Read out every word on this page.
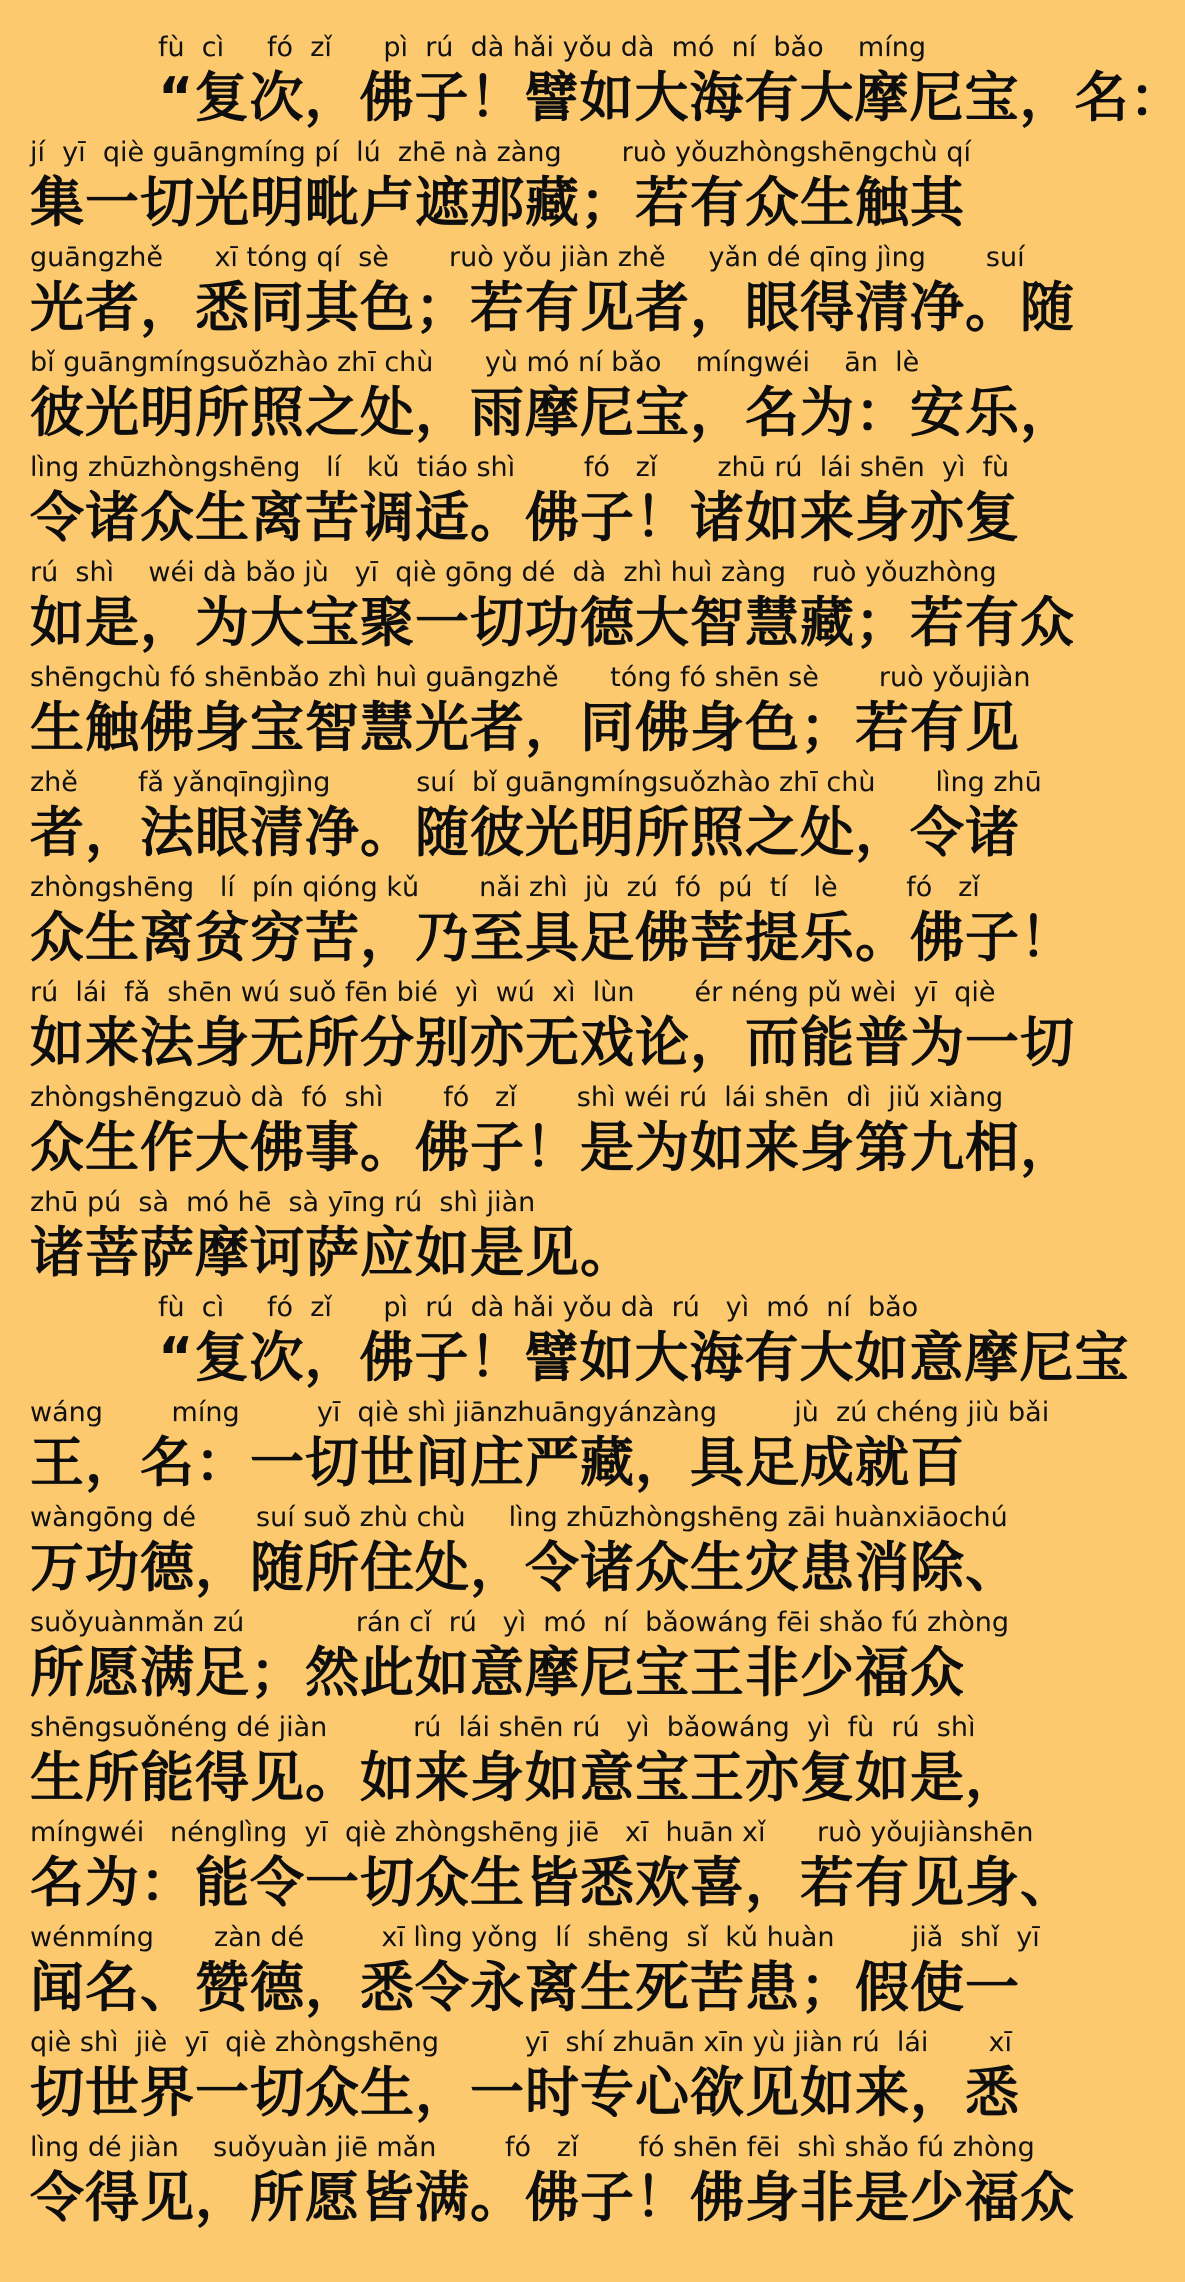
fù  cì     fó  zǐ      pì  rú  dà hǎi yǒu dà  mó  ní  bǎo    míng
“复次，佛子！譬如大海有大摩尼宝，名：
jí  yī  qiè guāngmíng pí  lú  zhē nà zàng       ruò yǒuzhòngshēngchù qí
集一切光明毗卢遮那藏；若有众生触其
guāngzhě      xī tóng qí  sè       ruò yǒu jiàn zhě     yǎn dé qīng jìng       suí
光者，悉同其色；若有见者，眼得清净。随
bǐ guāngmíngsuǒzhào zhī chù      yù mó ní bǎo    míngwéi    ān  lè
彼光明所照之处，雨摩尼宝，名为：安乐，
lìng zhūzhòngshēng   lí   kǔ  tiáo shì        fó   zǐ       zhū rú  lái shēn  yì  fù
令诸众生离苦调适。佛子！诸如来身亦复
rú  shì    wéi dà bǎo jù   yī  qiè gōng dé  dà  zhì huì zàng   ruò yǒuzhòng
如是，为大宝聚一切功德大智慧藏；若有众
shēngchù fó shēnbǎo zhì huì guāngzhě      tóng fó shēn sè       ruò yǒujiàn
生触佛身宝智慧光者，同佛身色；若有见
zhě       fǎ yǎnqīngjìng          suí  bǐ guāngmíngsuǒzhào zhī chù       lìng zhū
者，法眼清净。随彼光明所照之处，令诸
zhòngshēng   lí  pín qióng kǔ       nǎi zhì  jù  zú  fó  pú  tí   lè        fó   zǐ
众生离贫穷苦，乃至具足佛菩提乐。佛子！
rú  lái  fǎ  shēn wú suǒ fēn bié  yì  wú  xì  lùn       ér néng pǔ wèi  yī  qiè
如来法身无所分别亦无戏论，而能普为一切
zhòngshēngzuò dà  fó  shì       fó   zǐ       shì wéi rú  lái shēn  dì  jiǔ xiàng
众生作大佛事。佛子！是为如来身第九相，
zhū pú  sà  mó hē  sà yīng rú  shì jiàn
诸菩萨摩诃萨应如是见。
fù  cì     fó  zǐ      pì  rú  dà hǎi yǒu dà  rú   yì  mó  ní  bǎo
“复次，佛子！譬如大海有大如意摩尼宝
wáng        míng         yī  qiè shì jiānzhuāngyánzàng         jù  zú chéng jiù bǎi
王，名：一切世间庄严藏，具足成就百
wàngōng dé       suí suǒ zhù chù     lìng zhūzhòngshēng zāi huànxiāochú
万功德，随所住处，令诸众生灾患消除、
suǒyuànmǎn zú             rán cǐ  rú   yì  mó  ní  bǎowáng fēi shǎo fú zhòng
所愿满足；然此如意摩尼宝王非少福众
shēngsuǒnéng dé jiàn          rú  lái shēn rú   yì  bǎowáng  yì  fù  rú  shì
生所能得见。如来身如意宝王亦复如是，
míngwéi   nénglìng  yī  qiè zhòngshēng jiē   xī  huān xǐ      ruò yǒujiànshēn
名为：能令一切众生皆悉欢喜，若有见身、
wénmíng       zàn dé         xī lìng yǒng  lí  shēng  sǐ  kǔ huàn         jiǎ  shǐ  yī
闻名、赞德，悉令永离生死苦患；假使一
qiè shì  jiè  yī  qiè zhòngshēng          yī  shí zhuān xīn yù jiàn rú  lái       xī
切世界一切众生，一时专心欲见如来，悉
lìng dé jiàn    suǒyuàn jiē mǎn        fó   zǐ       fó shēn fēi  shì shǎo fú zhòng
令得见，所愿皆满。佛子！佛身非是少福众
